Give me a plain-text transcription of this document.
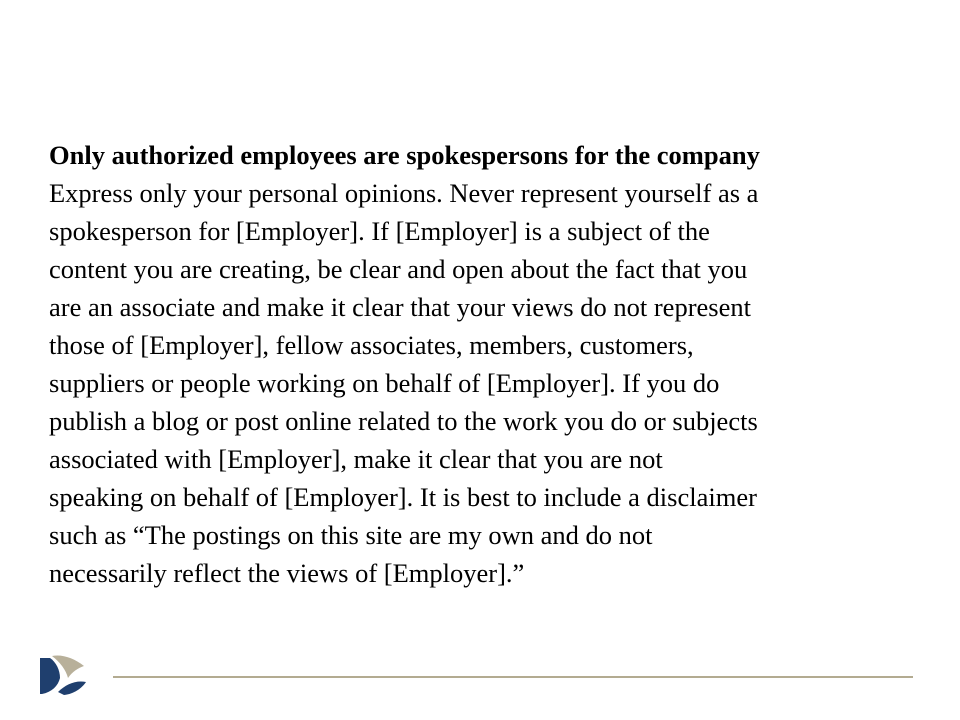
Only authorized employees are spokespersons for the company

Express only your personal opinions. Never represent yourself as a

spokesperson for [Employer]. If [Employer] is a subject of the

content you are creating, be clear and open about the fact that you

are an associate and make it clear that your views do not represent

those of [Employer], fellow associates, members, customers,

suppliers or people working on behalf of [Employer]. If you do

publish a blog or post online related to the work you do or subjects

associated with [Employer], make it clear that you are not

speaking on behalf of [Employer]. It is best to include a disclaimer

such as “The postings on this site are my own and do not

necessarily reflect the views of [Employer].”
